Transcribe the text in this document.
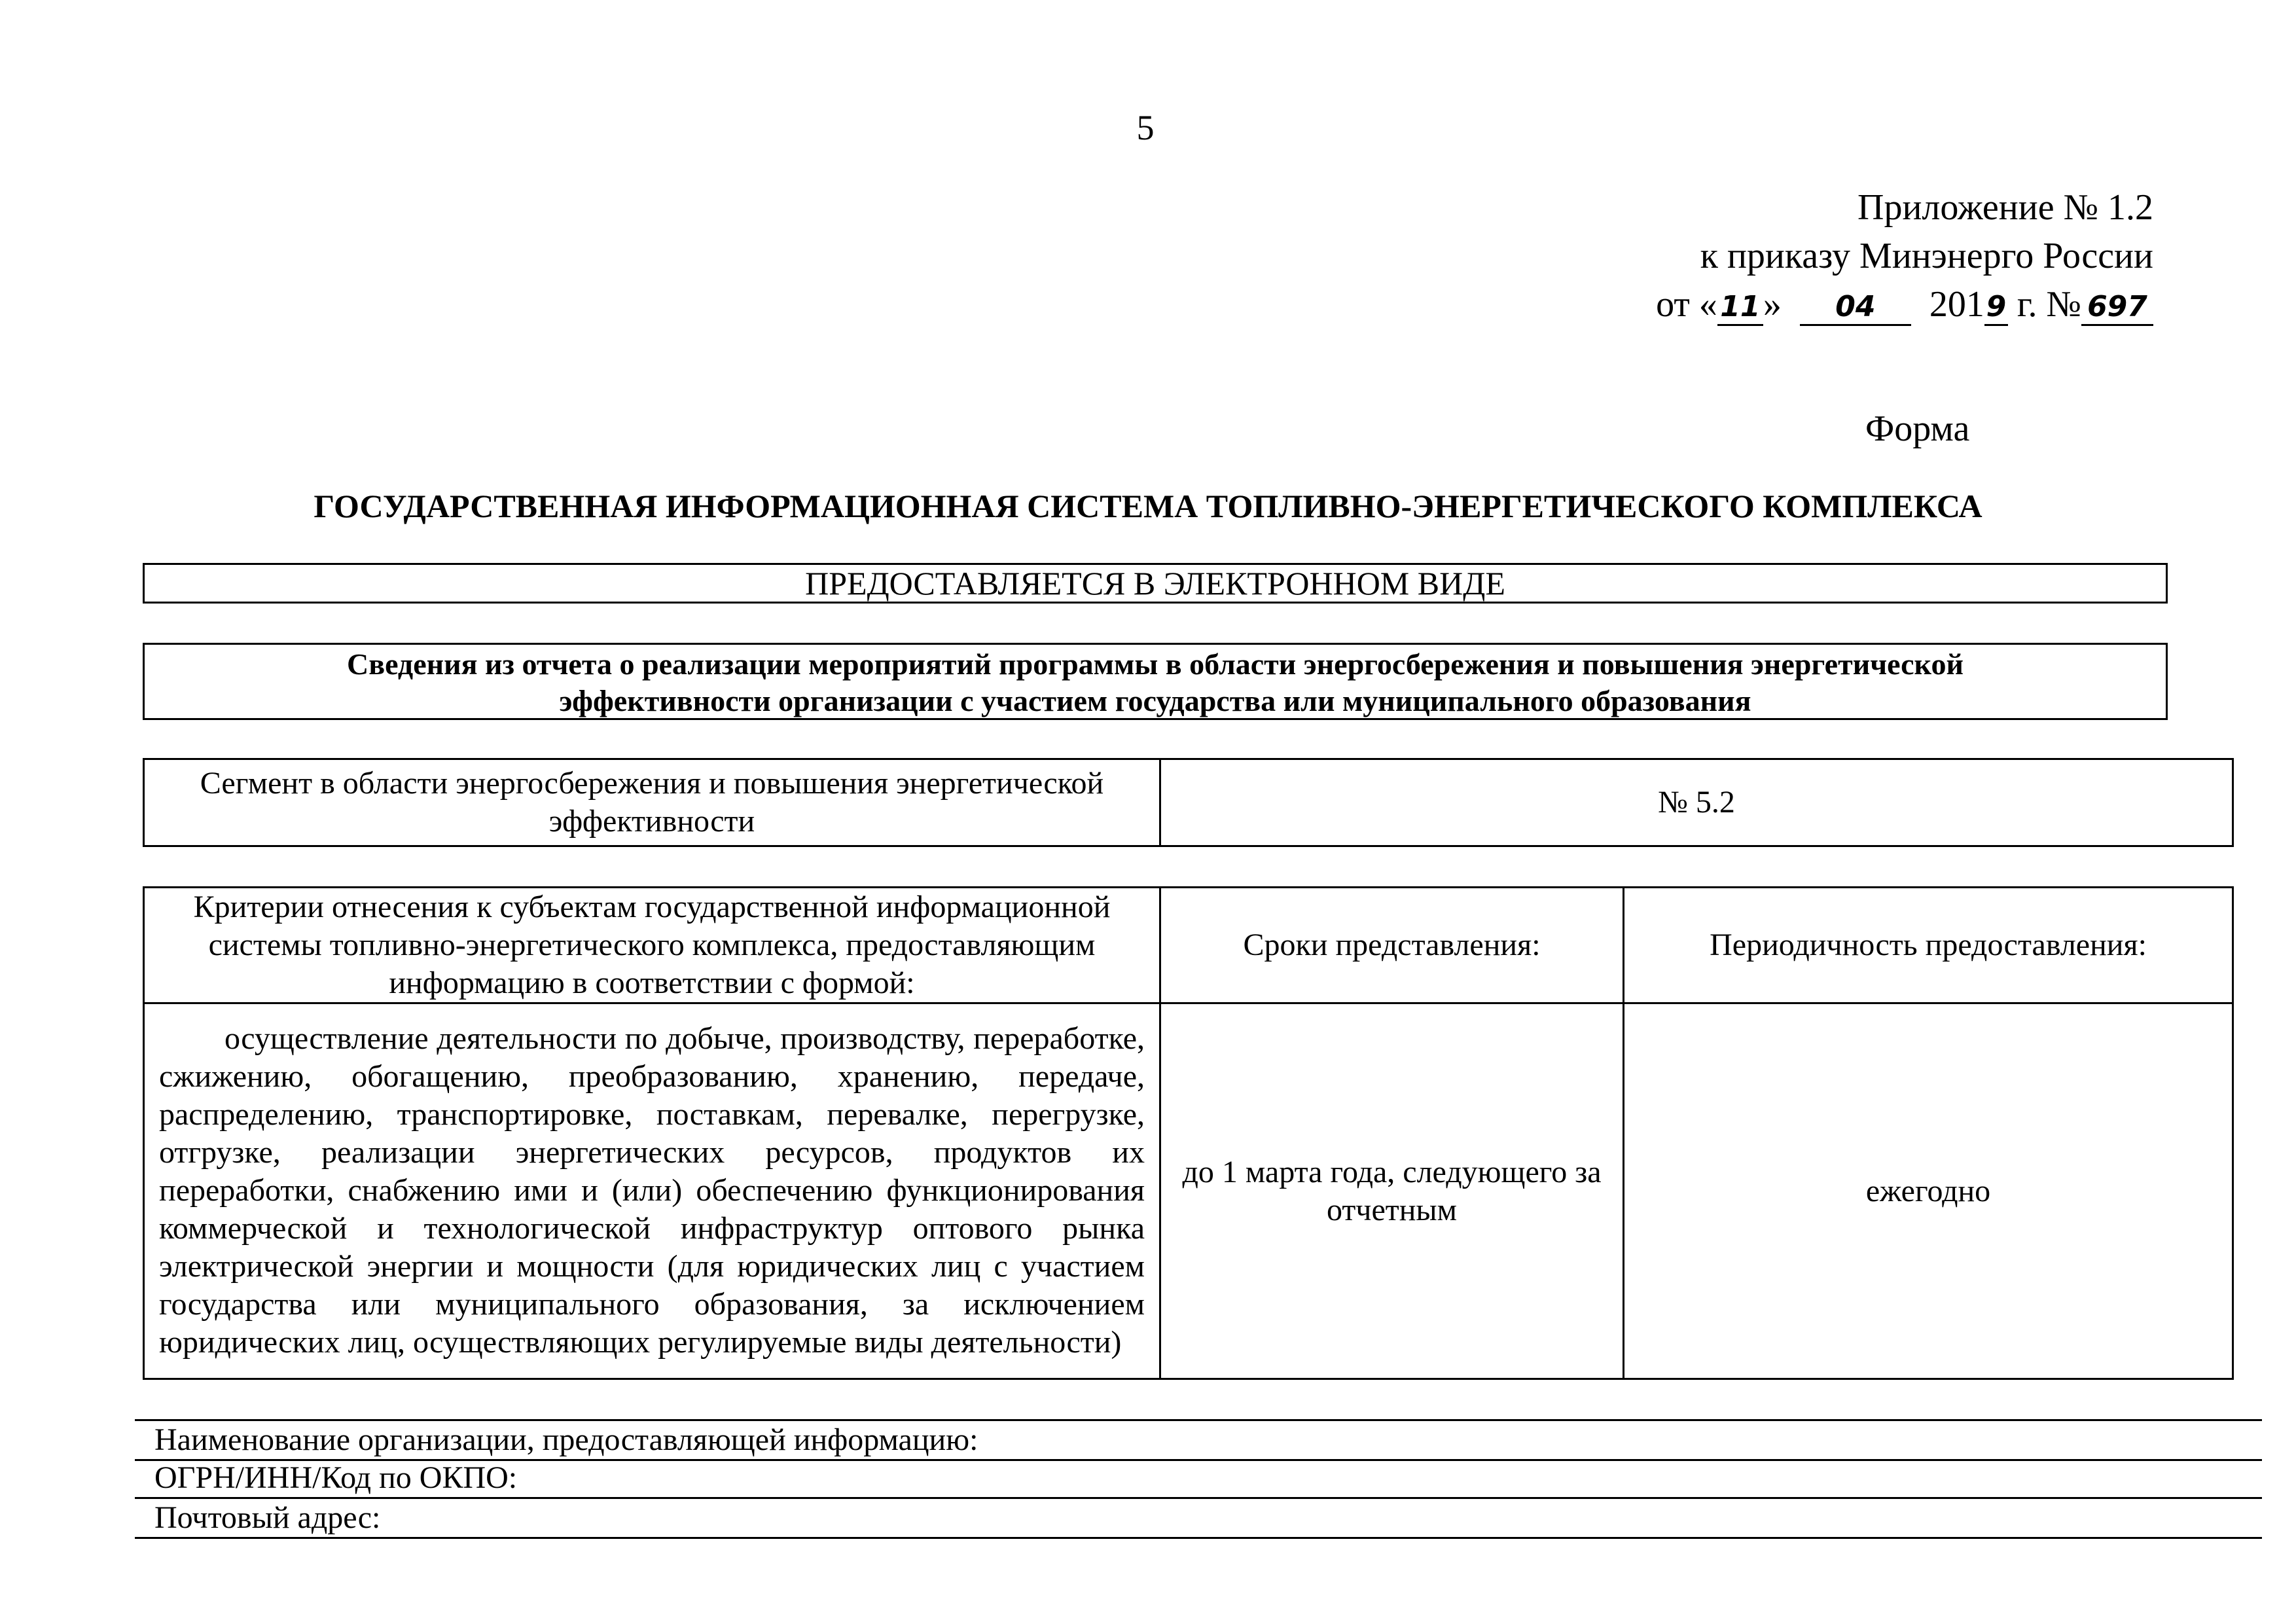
5
Приложение № 1.2
к приказу Минэнерго России
от «11» 04 2019 г. № 697
Форма
ГОСУДАРСТВЕННАЯ ИНФОРМАЦИОННАЯ СИСТЕМА ТОПЛИВНО-ЭНЕРГЕТИЧЕСКОГО КОМПЛЕКСА
ПРЕДОСТАВЛЯЕТСЯ В ЭЛЕКТРОННОМ ВИДЕ
Сведения из отчета о реализации мероприятий программы в области энергосбережения и повышения энергетической
эффективности организации с участием государства или муниципального образования
Сегмент в области энергосбережения и повышения энергетической
эффективности
	№ 5.2
Критерии отнесения к субъектам государственной информационной системы топливно-энергетического комплекса, предоставляющим информацию в соответствии с формой:	Сроки представления:	Периодичность предоставления:
осуществление деятельности по добыче, производству, переработке, сжижению, обогащению, преобразованию, хранению, передаче, распределению, транспортировке, поставкам, перевалке, перегрузке, отгрузке, реализации энергетических ресурсов, продуктов их переработки, снабжению ими и (или) обеспечению функционирования коммерческой и технологической инфраструктур оптового рынка электрической энергии и мощности (для юридических лиц с участием государства или муниципального образования, за исключением юридических лиц, осуществляющих регулируемые виды деятельности)	до 1 марта года, следующего за отчетным	ежегодно
Наименование организации, предоставляющей информацию:
ОГРН/ИНН/Код по ОКПО:
Почтовый адрес:
